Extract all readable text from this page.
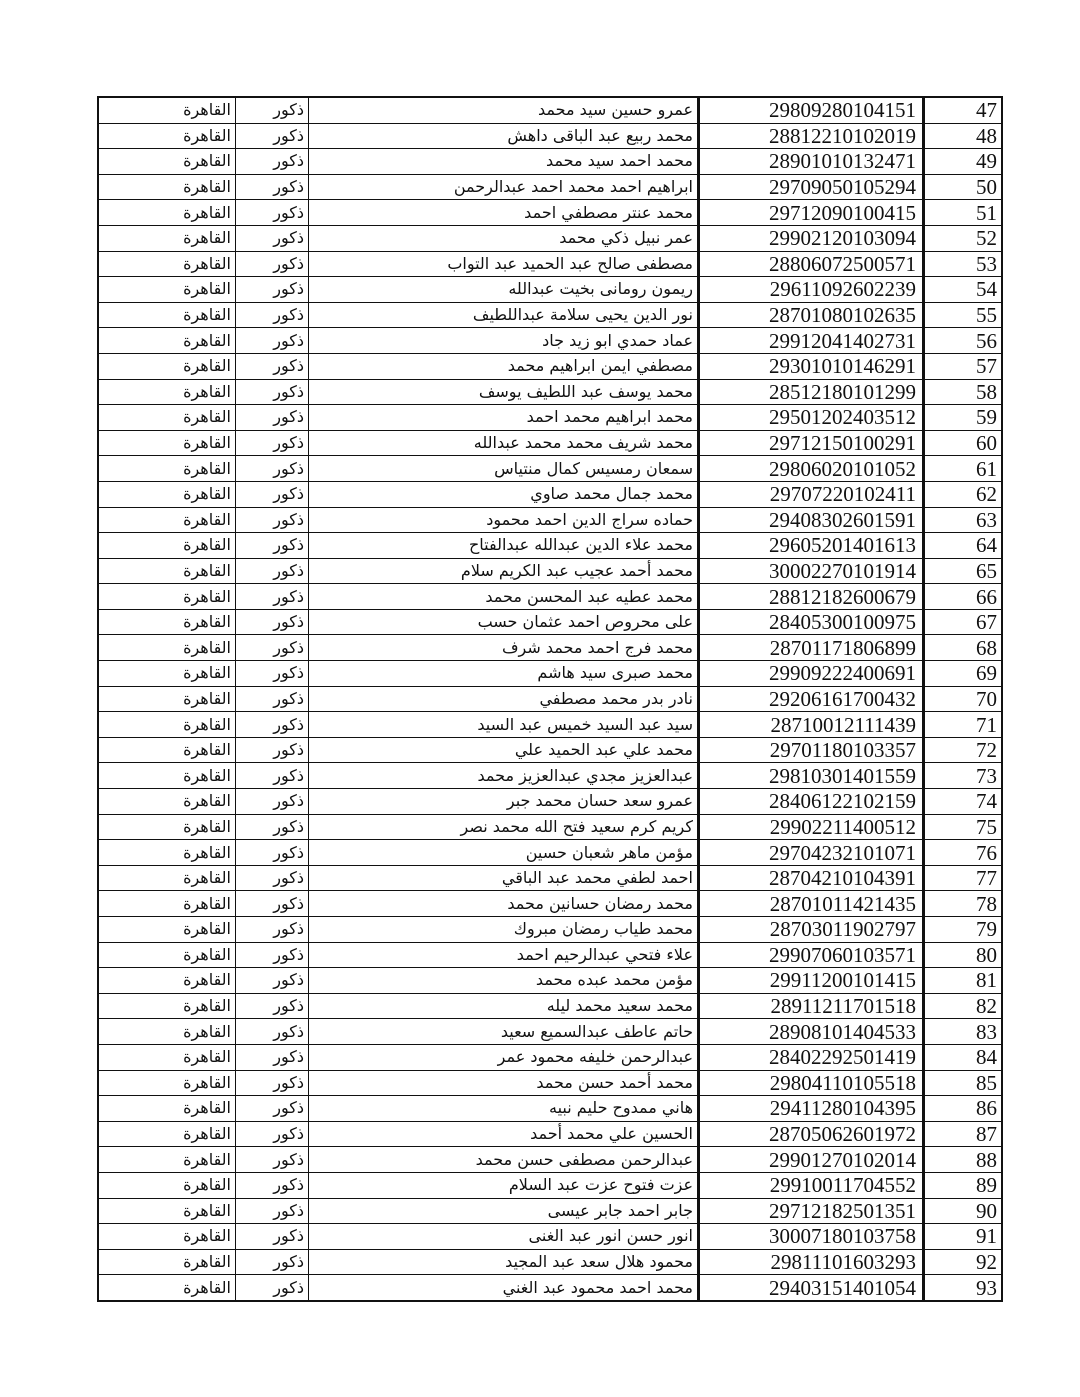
القاهرة	ذكور	عمرو حسين سيد محمد	29809280104151	47
القاهرة	ذكور	محمد ربيع عبد الباقى داهش	28812210102019	48
القاهرة	ذكور	محمد احمد سيد محمد	28901010132471	49
القاهرة	ذكور	ابراهيم احمد محمد احمد عبدالرحمن	29709050105294	50
القاهرة	ذكور	محمد عنتر مصطفي احمد	29712090100415	51
القاهرة	ذكور	عمر نبيل ذكي محمد	29902120103094	52
القاهرة	ذكور	مصطفى صالح عبد الحميد عبد التواب	28806072500571	53
القاهرة	ذكور	ريمون رومانى بخيت عبدالله	29611092602239	54
القاهرة	ذكور	نور الدين يحيى سلامة عبداللطيف	28701080102635	55
القاهرة	ذكور	عماد حمدي ابو زيد جاد	29912041402731	56
القاهرة	ذكور	مصطفي ايمن ابراهيم محمد	29301010146291	57
القاهرة	ذكور	محمد يوسف عبد اللطيف يوسف	28512180101299	58
القاهرة	ذكور	محمد ابراهيم محمد احمد	29501202403512	59
القاهرة	ذكور	محمد شريف محمد محمد عبدالله	29712150100291	60
القاهرة	ذكور	سمعان رمسيس كمال منتياس	29806020101052	61
القاهرة	ذكور	محمد جمال محمد صاوي	29707220102411	62
القاهرة	ذكور	حماده سراج الدين احمد محمود	29408302601591	63
القاهرة	ذكور	محمد علاء الدين عبدالله عبدالفتاح	29605201401613	64
القاهرة	ذكور	محمد أحمد عجيب عبد الكريم سلام	30002270101914	65
القاهرة	ذكور	محمد عطيه عبد المحسن محمد	28812182600679	66
القاهرة	ذكور	على محروص احمد عثمان حسب	28405300100975	67
القاهرة	ذكور	محمد فرج احمد محمد شرف	28701171806899	68
القاهرة	ذكور	محمد صبرى سيد هاشم	29909222400691	69
القاهرة	ذكور	نادر بدر محمد مصطفي	29206161700432	70
القاهرة	ذكور	سيد عبد السيد خميس عبد السيد	28710012111439	71
القاهرة	ذكور	محمد علي عبد الحميد علي	29701180103357	72
القاهرة	ذكور	عبدالعزيز مجدي عبدالعزيز محمد	29810301401559	73
القاهرة	ذكور	عمرو سعد حسان محمد جبر	28406122102159	74
القاهرة	ذكور	كريم كرم سعيد فتح الله محمد نصر	29902211400512	75
القاهرة	ذكور	مؤمن ماهر شعبان حسين	29704232101071	76
القاهرة	ذكور	احمد لطفي محمد عبد الباقي	28704210104391	77
القاهرة	ذكور	محمد رمضان حسانين محمد	28701011421435	78
القاهرة	ذكور	محمد طياب رمضان مبروك	28703011902797	79
القاهرة	ذكور	علاء فتحي عبدالرحيم احمد	29907060103571	80
القاهرة	ذكور	مؤمن محمد عبده محمد	29911200101415	81
القاهرة	ذكور	محمد سعيد محمد ليله	28911211701518	82
القاهرة	ذكور	حاتم عاطف عبدالسميع سعيد	28908101404533	83
القاهرة	ذكور	عبدالرحمن خليفه محمود عمر	28402292501419	84
القاهرة	ذكور	محمد أحمد حسن محمد	29804110105518	85
القاهرة	ذكور	هاني ممدوح حليم نبيه	29411280104395	86
القاهرة	ذكور	الحسين علي محمد أحمد	28705062601972	87
القاهرة	ذكور	عبدالرحمن مصطفى حسن محمد	29901270102014	88
القاهرة	ذكور	عزت فتوح عزت عبد السلام	29910011704552	89
القاهرة	ذكور	جابر احمد جابر عيسى	29712182501351	90
القاهرة	ذكور	انور حسن انور عبد الغنى	30007180103758	91
القاهرة	ذكور	محمود هلال سعد عبد المجيد	29811101603293	92
القاهرة	ذكور	محمد احمد محمود عبد الغني	29403151401054	93
